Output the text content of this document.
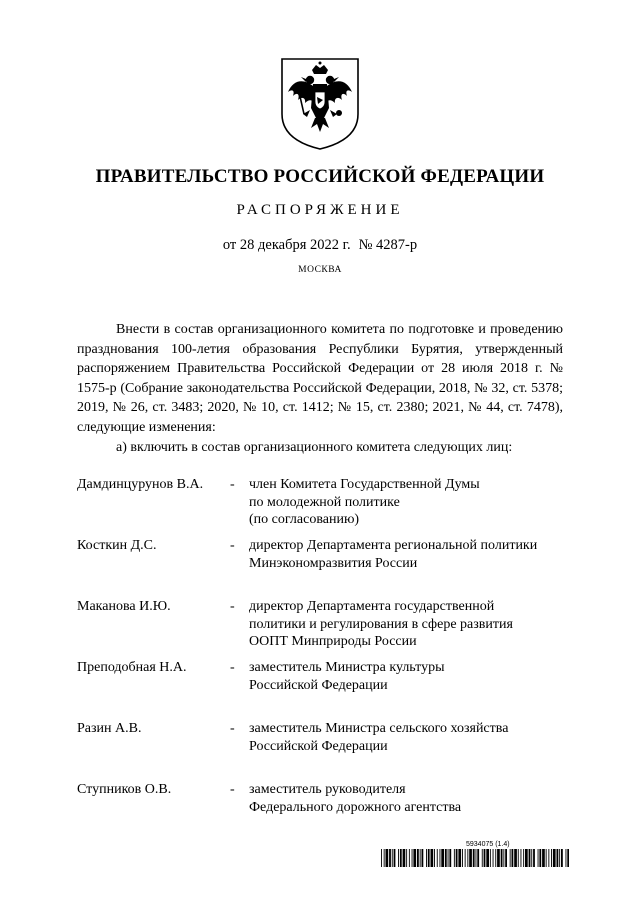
ПРАВИТЕЛЬСТВО РОССИЙСКОЙ ФЕДЕРАЦИИ
РАСПОРЯЖЕНИЕ
от 28 декабря 2022 г. № 4287-р
МОСКВА

Внести в состав организационного комитета по подготовке и проведению празднования 100-летия образования Республики Бурятия, утвержденный распоряжением Правительства Российской Федерации от 28 июля 2018 г. № 1575-р (Собрание законодательства Российской Федерации, 2018, № 32, ст. 5378; 2019, № 26, ст. 3483; 2020, № 10, ст. 1412; № 15, ст. 2380; 2021, № 44, ст. 7478), следующие изменения:

а) включить в состав организационного комитета следующих лиц:

Дамдинцурунов В.А.	- член Комитета Государственной Думы
по молодежной политике
(по согласованию)
Косткин Д.С.	- директор Департамента региональной политики
Минэкономразвития России
Маканова И.Ю.	- директор Департамента государственной
политики и регулирования в сфере развития
ООПТ Минприроды России
Преподобная Н.А.	- заместитель Министра культуры
Российской Федерации
Разин А.В.	- заместитель Министра сельского хозяйства
Российской Федерации
Ступников О.В.	- заместитель руководителя
Федерального дорожного агентства
5934075 (1.4)
